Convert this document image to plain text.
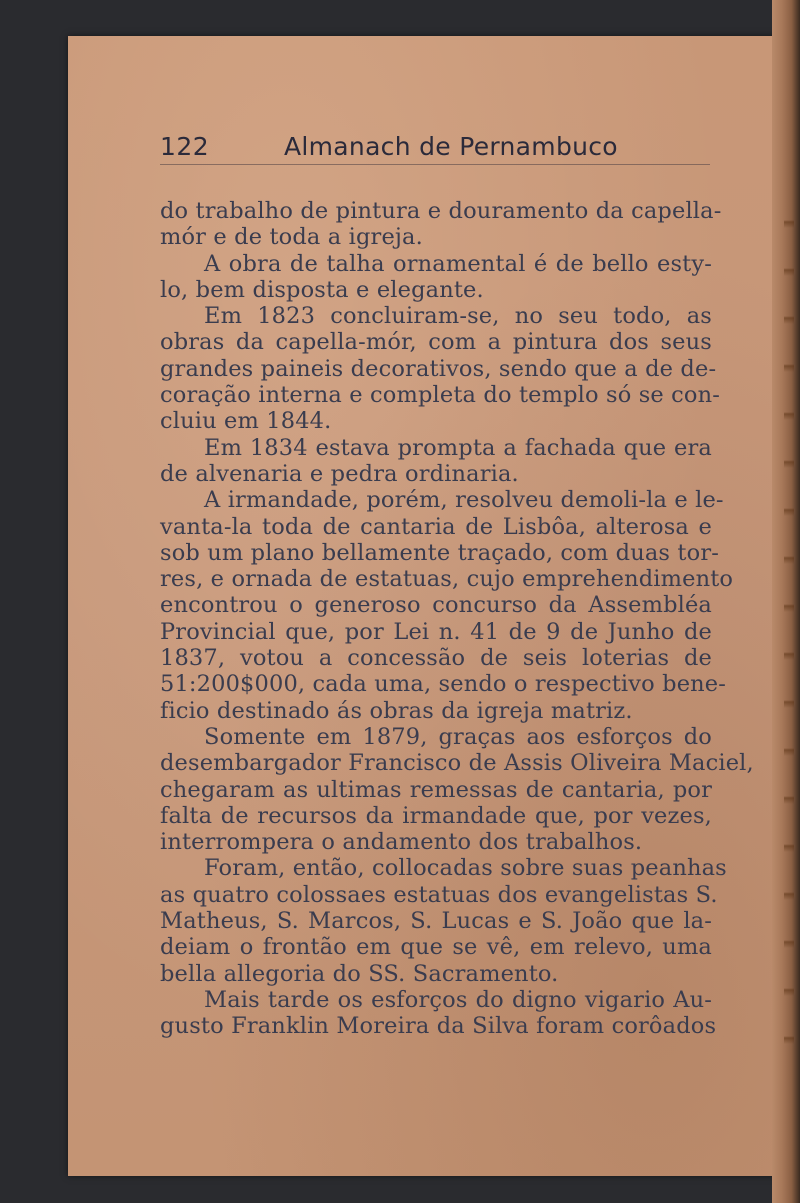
122	Almanach de Pernambuco
do trabalho de pintura e douramento da capella-
mór e de toda a igreja.
A obra de talha ornamental é de bello esty-
lo, bem disposta e elegante.
Em 1823 concluiram-se, no seu todo, as
obras da capella-mór, com a pintura dos seus
grandes paineis decorativos, sendo que a de de-
coração interna e completa do templo só se con-
cluiu em 1844.
Em 1834 estava prompta a fachada que era
de alvenaria e pedra ordinaria.
A irmandade, porém, resolveu demoli-la e le-
vanta-la toda de cantaria de Lisbôa, alterosa e
sob um plano bellamente traçado, com duas tor-
res, e ornada de estatuas, cujo emprehendimento
encontrou o generoso concurso da Assembléa
Provincial que, por Lei n. 41 de 9 de Junho de
1837, votou a concessão de seis loterias de
51:200$000, cada uma, sendo o respectivo bene-
ficio destinado ás obras da igreja matriz.
Somente em 1879, graças aos esforços do
desembargador Francisco de Assis Oliveira Maciel,
chegaram as ultimas remessas de cantaria, por
falta de recursos da irmandade que, por vezes,
interrompera o andamento dos trabalhos.
Foram, então, collocadas sobre suas peanhas
as quatro colossaes estatuas dos evangelistas S.
Matheus, S. Marcos, S. Lucas e S. João que la-
deiam o frontão em que se vê, em relevo, uma
bella allegoria do SS. Sacramento.
Mais tarde os esforços do digno vigario Au-
gusto Franklin Moreira da Silva foram corôados
